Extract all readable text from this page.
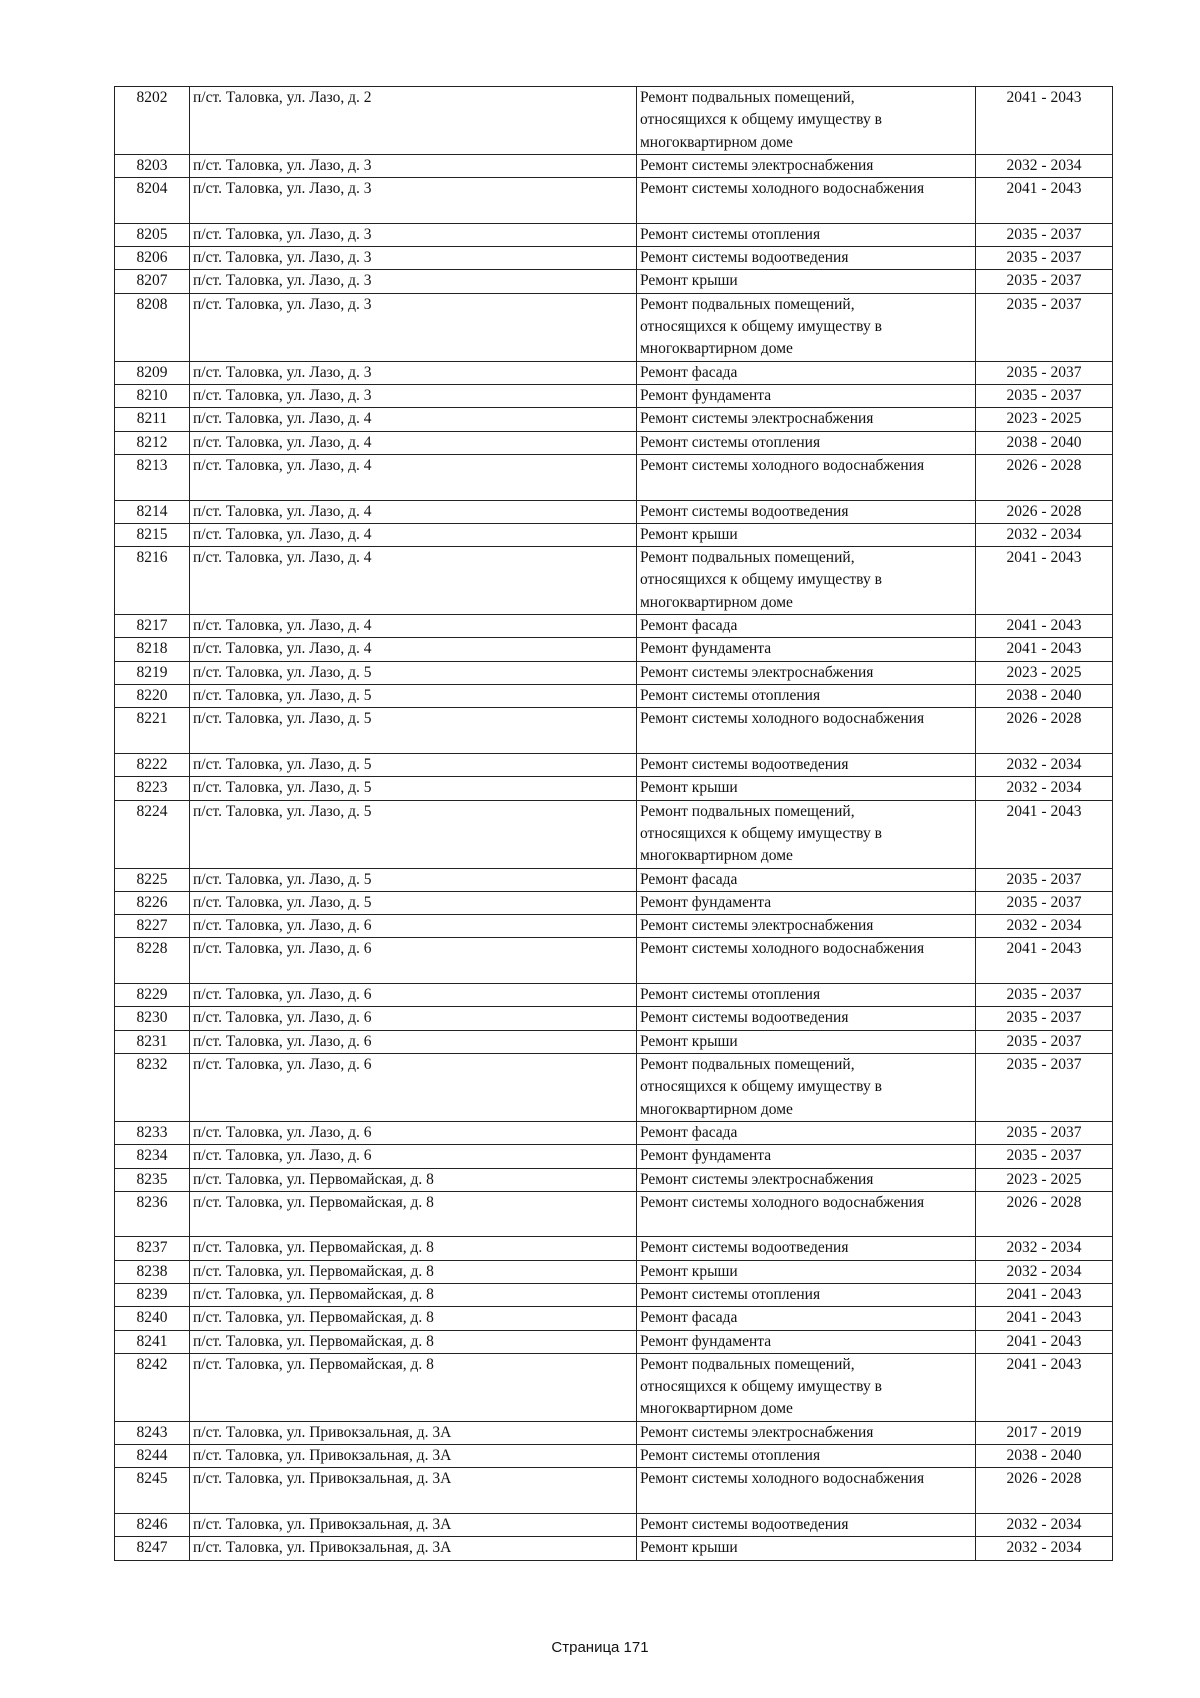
8202	п/ст. Таловка, ул. Лазо, д. 2	Ремонт подвальных помещений,
относящихся к общему имуществу в
многоквартирном доме	2041 - 2043
8203	п/ст. Таловка, ул. Лазо, д. 3	Ремонт системы электроснабжения	2032 - 2034
8204	п/ст. Таловка, ул. Лазо, д. 3	Ремонт системы холодного водоснабжения	2041 - 2043
8205	п/ст. Таловка, ул. Лазо, д. 3	Ремонт системы отопления	2035 - 2037
8206	п/ст. Таловка, ул. Лазо, д. 3	Ремонт системы водоотведения	2035 - 2037
8207	п/ст. Таловка, ул. Лазо, д. 3	Ремонт крыши	2035 - 2037
8208	п/ст. Таловка, ул. Лазо, д. 3	Ремонт подвальных помещений,
относящихся к общему имуществу в
многоквартирном доме	2035 - 2037
8209	п/ст. Таловка, ул. Лазо, д. 3	Ремонт фасада	2035 - 2037
8210	п/ст. Таловка, ул. Лазо, д. 3	Ремонт фундамента	2035 - 2037
8211	п/ст. Таловка, ул. Лазо, д. 4	Ремонт системы электроснабжения	2023 - 2025
8212	п/ст. Таловка, ул. Лазо, д. 4	Ремонт системы отопления	2038 - 2040
8213	п/ст. Таловка, ул. Лазо, д. 4	Ремонт системы холодного водоснабжения	2026 - 2028
8214	п/ст. Таловка, ул. Лазо, д. 4	Ремонт системы водоотведения	2026 - 2028
8215	п/ст. Таловка, ул. Лазо, д. 4	Ремонт крыши	2032 - 2034
8216	п/ст. Таловка, ул. Лазо, д. 4	Ремонт подвальных помещений,
относящихся к общему имуществу в
многоквартирном доме	2041 - 2043
8217	п/ст. Таловка, ул. Лазо, д. 4	Ремонт фасада	2041 - 2043
8218	п/ст. Таловка, ул. Лазо, д. 4	Ремонт фундамента	2041 - 2043
8219	п/ст. Таловка, ул. Лазо, д. 5	Ремонт системы электроснабжения	2023 - 2025
8220	п/ст. Таловка, ул. Лазо, д. 5	Ремонт системы отопления	2038 - 2040
8221	п/ст. Таловка, ул. Лазо, д. 5	Ремонт системы холодного водоснабжения	2026 - 2028
8222	п/ст. Таловка, ул. Лазо, д. 5	Ремонт системы водоотведения	2032 - 2034
8223	п/ст. Таловка, ул. Лазо, д. 5	Ремонт крыши	2032 - 2034
8224	п/ст. Таловка, ул. Лазо, д. 5	Ремонт подвальных помещений,
относящихся к общему имуществу в
многоквартирном доме	2041 - 2043
8225	п/ст. Таловка, ул. Лазо, д. 5	Ремонт фасада	2035 - 2037
8226	п/ст. Таловка, ул. Лазо, д. 5	Ремонт фундамента	2035 - 2037
8227	п/ст. Таловка, ул. Лазо, д. 6	Ремонт системы электроснабжения	2032 - 2034
8228	п/ст. Таловка, ул. Лазо, д. 6	Ремонт системы холодного водоснабжения	2041 - 2043
8229	п/ст. Таловка, ул. Лазо, д. 6	Ремонт системы отопления	2035 - 2037
8230	п/ст. Таловка, ул. Лазо, д. 6	Ремонт системы водоотведения	2035 - 2037
8231	п/ст. Таловка, ул. Лазо, д. 6	Ремонт крыши	2035 - 2037
8232	п/ст. Таловка, ул. Лазо, д. 6	Ремонт подвальных помещений,
относящихся к общему имуществу в
многоквартирном доме	2035 - 2037
8233	п/ст. Таловка, ул. Лазо, д. 6	Ремонт фасада	2035 - 2037
8234	п/ст. Таловка, ул. Лазо, д. 6	Ремонт фундамента	2035 - 2037
8235	п/ст. Таловка, ул. Первомайская, д. 8	Ремонт системы электроснабжения	2023 - 2025
8236	п/ст. Таловка, ул. Первомайская, д. 8	Ремонт системы холодного водоснабжения	2026 - 2028
8237	п/ст. Таловка, ул. Первомайская, д. 8	Ремонт системы водоотведения	2032 - 2034
8238	п/ст. Таловка, ул. Первомайская, д. 8	Ремонт крыши	2032 - 2034
8239	п/ст. Таловка, ул. Первомайская, д. 8	Ремонт системы отопления	2041 - 2043
8240	п/ст. Таловка, ул. Первомайская, д. 8	Ремонт фасада	2041 - 2043
8241	п/ст. Таловка, ул. Первомайская, д. 8	Ремонт фундамента	2041 - 2043
8242	п/ст. Таловка, ул. Первомайская, д. 8	Ремонт подвальных помещений,
относящихся к общему имуществу в
многоквартирном доме	2041 - 2043
8243	п/ст. Таловка, ул. Привокзальная, д. 3А	Ремонт системы электроснабжения	2017 - 2019
8244	п/ст. Таловка, ул. Привокзальная, д. 3А	Ремонт системы отопления	2038 - 2040
8245	п/ст. Таловка, ул. Привокзальная, д. 3А	Ремонт системы холодного водоснабжения	2026 - 2028
8246	п/ст. Таловка, ул. Привокзальная, д. 3А	Ремонт системы водоотведения	2032 - 2034
8247	п/ст. Таловка, ул. Привокзальная, д. 3А	Ремонт крыши	2032 - 2034
Страница 171
